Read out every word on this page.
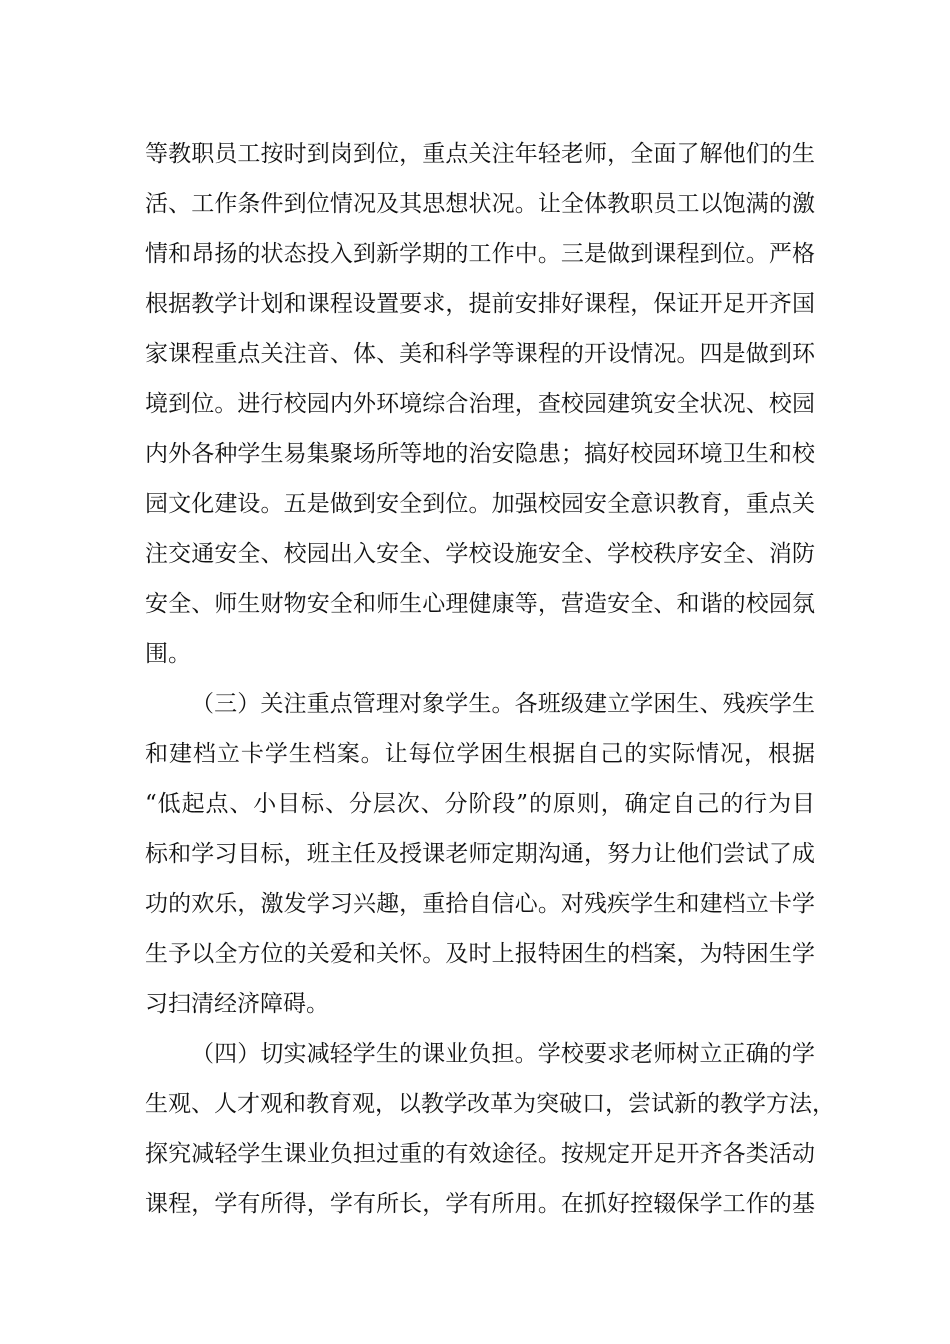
等教职员工按时到岗到位，重点关注年轻老师，全面了解他们的生
活、工作条件到位情况及其思想状况。让全体教职员工以饱满的激
情和昂扬的状态投入到新学期的工作中。三是做到课程到位。严格
根据教学计划和课程设置要求，提前安排好课程，保证开足开齐国
家课程重点关注音、体、美和科学等课程的开设情况。四是做到环
境到位。进行校园内外环境综合治理，查校园建筑安全状况、校园
内外各种学生易集聚场所等地的治安隐患；搞好校园环境卫生和校
园文化建设。五是做到安全到位。加强校园安全意识教育，重点关
注交通安全、校园出入安全、学校设施安全、学校秩序安全、消防
安全、师生财物安全和师生心理健康等，营造安全、和谐的校园氛
围。
（三）关注重点管理对象学生。各班级建立学困生、残疾学生
和建档立卡学生档案。让每位学困生根据自己的实际情况，根据
“低起点、小目标、分层次、分阶段”的原则，确定自己的行为目
标和学习目标，班主任及授课老师定期沟通，努力让他们尝试了成
功的欢乐，激发学习兴趣，重拾自信心。对残疾学生和建档立卡学
生予以全方位的关爱和关怀。及时上报特困生的档案，为特困生学
习扫清经济障碍。
（四）切实减轻学生的课业负担。学校要求老师树立正确的学
生观、人才观和教育观，以教学改革为突破口，尝试新的教学方法，
探究减轻学生课业负担过重的有效途径。按规定开足开齐各类活动
课程，学有所得，学有所长，学有所用。在抓好控辍保学工作的基
